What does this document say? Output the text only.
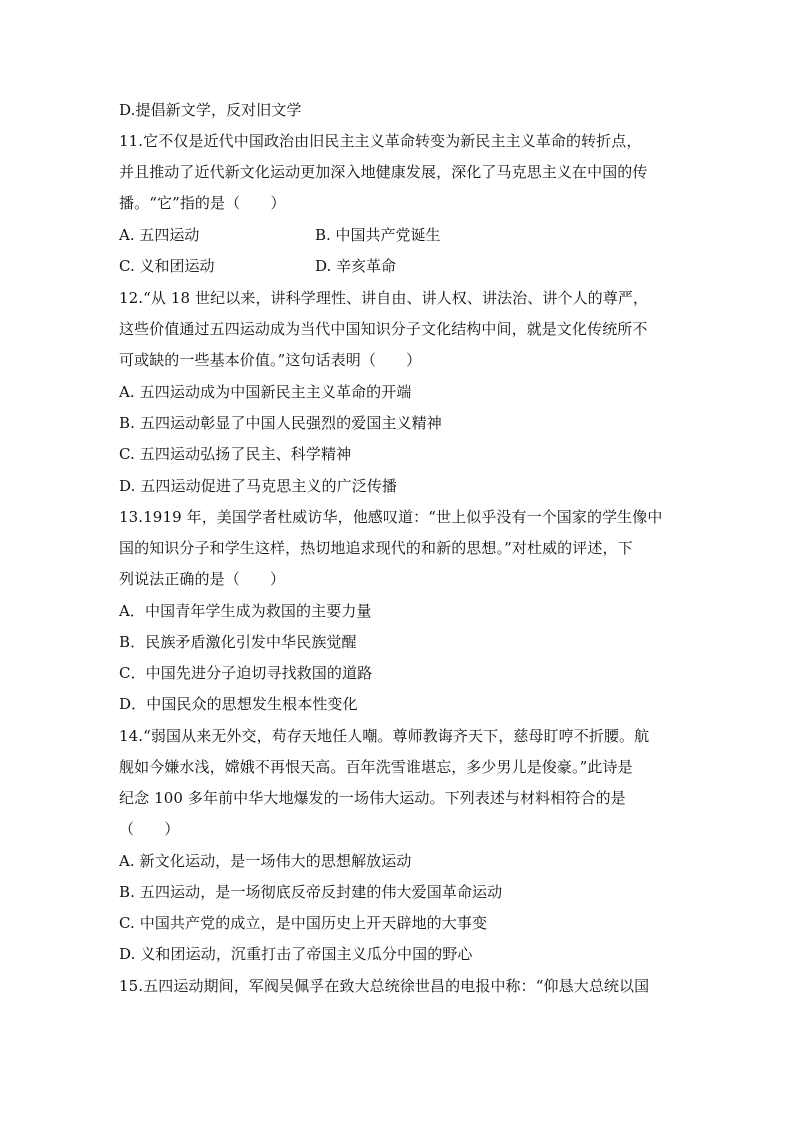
D.提倡新文学，反对旧文学
11.它不仅是近代中国政治由旧民主主义革命转变为新民主主义革命的转折点，
并且推动了近代新文化运动更加深入地健康发展，深化了马克思主义在中国的传
播。“它”指的是（　　）
A. 五四运动	B. 中国共产党诞生
C. 义和团运动	D. 辛亥革命
12.“从 18 世纪以来，讲科学理性、讲自由、讲人权、讲法治、讲个人的尊严，
这些价值通过五四运动成为当代中国知识分子文化结构中间，就是文化传统所不
可或缺的一些基本价值。”这句话表明（　　）
A. 五四运动成为中国新民主主义革命的开端
B. 五四运动彰显了中国人民强烈的爱国主义精神
C. 五四运动弘扬了民主、科学精神
D. 五四运动促进了马克思主义的广泛传播
13.1919 年，美国学者杜威访华，他感叹道：“世上似乎没有一个国家的学生像中
国的知识分子和学生这样，热切地追求现代的和新的思想。”对杜威的评述，下
列说法正确的是（　　）
A．中国青年学生成为救国的主要力量
B．民族矛盾激化引发中华民族觉醒
C．中国先进分子迫切寻找救国的道路
D．中国民众的思想发生根本性变化
14.“弱国从来无外交，苟存天地任人嘲。尊师教诲齐天下，慈母盯哼不折腰。航
舰如今嫌水浅，嫦娥不再恨天高。百年洗雪谁堪忘，多少男儿是俊豪。”此诗是
纪念 100 多年前中华大地爆发的一场伟大运动。下列表述与材料相符合的是
（　　）
A. 新文化运动，是一场伟大的思想解放运动
B. 五四运动，是一场彻底反帝反封建的伟大爱国革命运动
C. 中国共产党的成立，是中国历史上开天辟地的大事变
D. 义和团运动，沉重打击了帝国主义瓜分中国的野心
15.五四运动期间，军阀吴佩孚在致大总统徐世昌的电报中称：“仰恳大总统以国
